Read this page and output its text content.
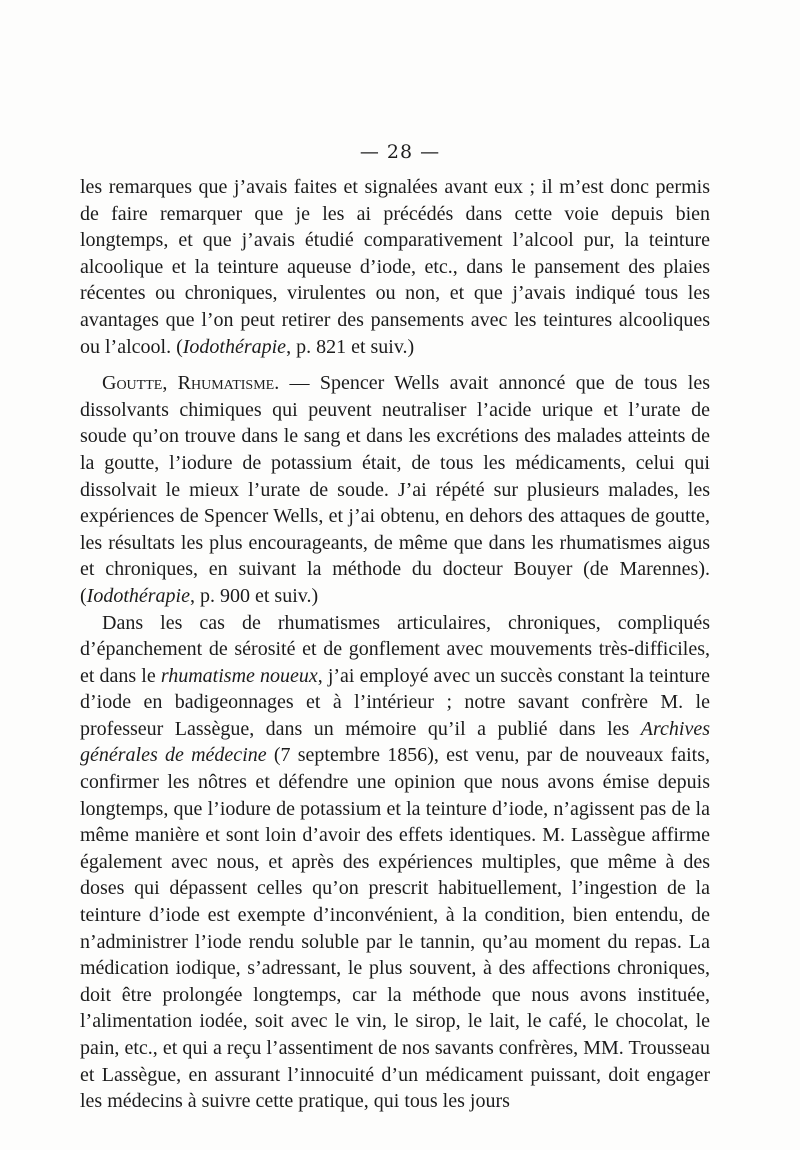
— 28 —

les remarques que j’avais faites et signalées avant eux ; il m’est donc permis de faire remarquer que je les ai précédés dans cette voie depuis bien longtemps, et que j’avais étudié comparativement l’alcool pur, la teinture alcoolique et la teinture aqueuse d’iode, etc., dans le pansement des plaies récentes ou chroniques, virulentes ou non, et que j’avais indiqué tous les avantages que l’on peut retirer des pansements avec les teintures alcooliques ou l’alcool. (Iodothérapie, p. 821 et suiv.)

Goutte, Rhumatisme. — Spencer Wells avait annoncé que de tous les dissolvants chimiques qui peuvent neutraliser l’acide urique et l’urate de soude qu’on trouve dans le sang et dans les excrétions des malades atteints de la goutte, l’iodure de potassium était, de tous les médicaments, celui qui dissolvait le mieux l’urate de soude. J’ai répété sur plusieurs malades, les expériences de Spencer Wells, et j’ai obtenu, en dehors des attaques de goutte, les résultats les plus encourageants, de même que dans les rhumatismes aigus et chroniques, en suivant la méthode du docteur Bouyer (de Marennes). (Iodothérapie, p. 900 et suiv.)

Dans les cas de rhumatismes articulaires, chroniques, compliqués d’épanchement de sérosité et de gonflement avec mouvements très-difficiles, et dans le rhumatisme noueux, j’ai employé avec un succès constant la teinture d’iode en badigeonnages et à l’intérieur ; notre savant confrère M. le professeur Lassègue, dans un mémoire qu’il a publié dans les Archives générales de médecine (7 septembre 1856), est venu, par de nouveaux faits, confirmer les nôtres et défendre une opinion que nous avons émise depuis longtemps, que l’iodure de potassium et la teinture d’iode, n’agissent pas de la même manière et sont loin d’avoir des effets identiques. M. Lassègue affirme également avec nous, et après des expériences multiples, que même à des doses qui dépassent celles qu’on prescrit habituellement, l’ingestion de la teinture d’iode est exempte d’inconvénient, à la condition, bien entendu, de n’administrer l’iode rendu soluble par le tannin, qu’au moment du repas. La médication iodique, s’adressant, le plus souvent, à des affections chroniques, doit être prolongée longtemps, car la méthode que nous avons instituée, l’alimentation iodée, soit avec le vin, le sirop, le lait, le café, le chocolat, le pain, etc., et qui a reçu l’assentiment de nos savants confrères, MM. Trousseau et Lassègue, en assurant l’innocuité d’un médicament puissant, doit engager les médecins à suivre cette pratique, qui tous les jours
